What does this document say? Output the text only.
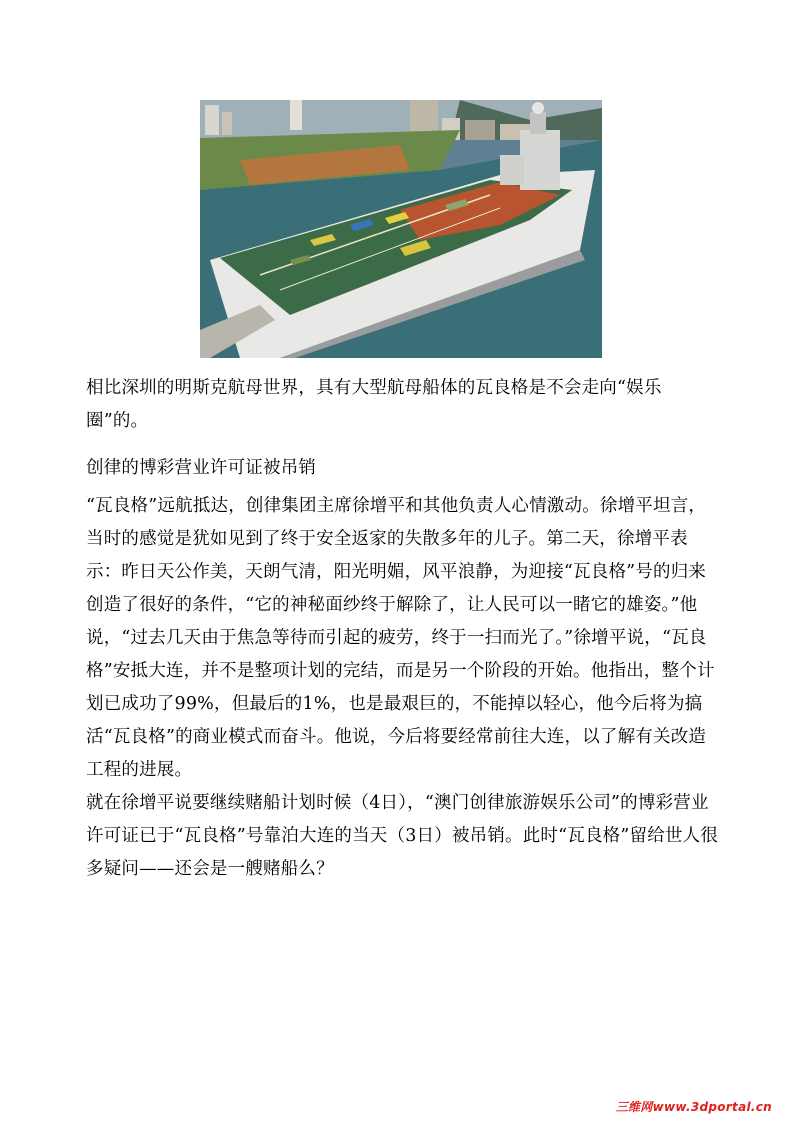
相比深圳的明斯克航母世界，具有大型航母船体的瓦良格是不会走向“娱乐圈”的。

创律的博彩营业许可证被吊销

“瓦良格”远航抵达，创律集团主席徐增平和其他负责人心情激动。徐增平坦言，当时的感觉是犹如见到了终于安全返家的失散多年的儿子。第二天，徐增平表示：昨日天公作美，天朗气清，阳光明媚，风平浪静，为迎接“瓦良格”号的归来创造了很好的条件，“它的神秘面纱终于解除了，让人民可以一睹它的雄姿。”他说，“过去几天由于焦急等待而引起的疲劳，终于一扫而光了。”徐增平说，“瓦良格”安抵大连，并不是整项计划的完结，而是另一个阶段的开始。他指出，整个计划已成功了99%，但最后的1%，也是最艰巨的，不能掉以轻心，他今后将为搞活“瓦良格”的商业模式而奋斗。他说，今后将要经常前往大连，以了解有关改造工程的进展。

就在徐增平说要继续赌船计划时候（4日），“澳门创律旅游娱乐公司”的博彩营业许可证已于“瓦良格”号靠泊大连的当天（3日）被吊销。此时“瓦良格”留给世人很多疑问——还会是一艘赌船么？

三维网www.3dportal.cn
